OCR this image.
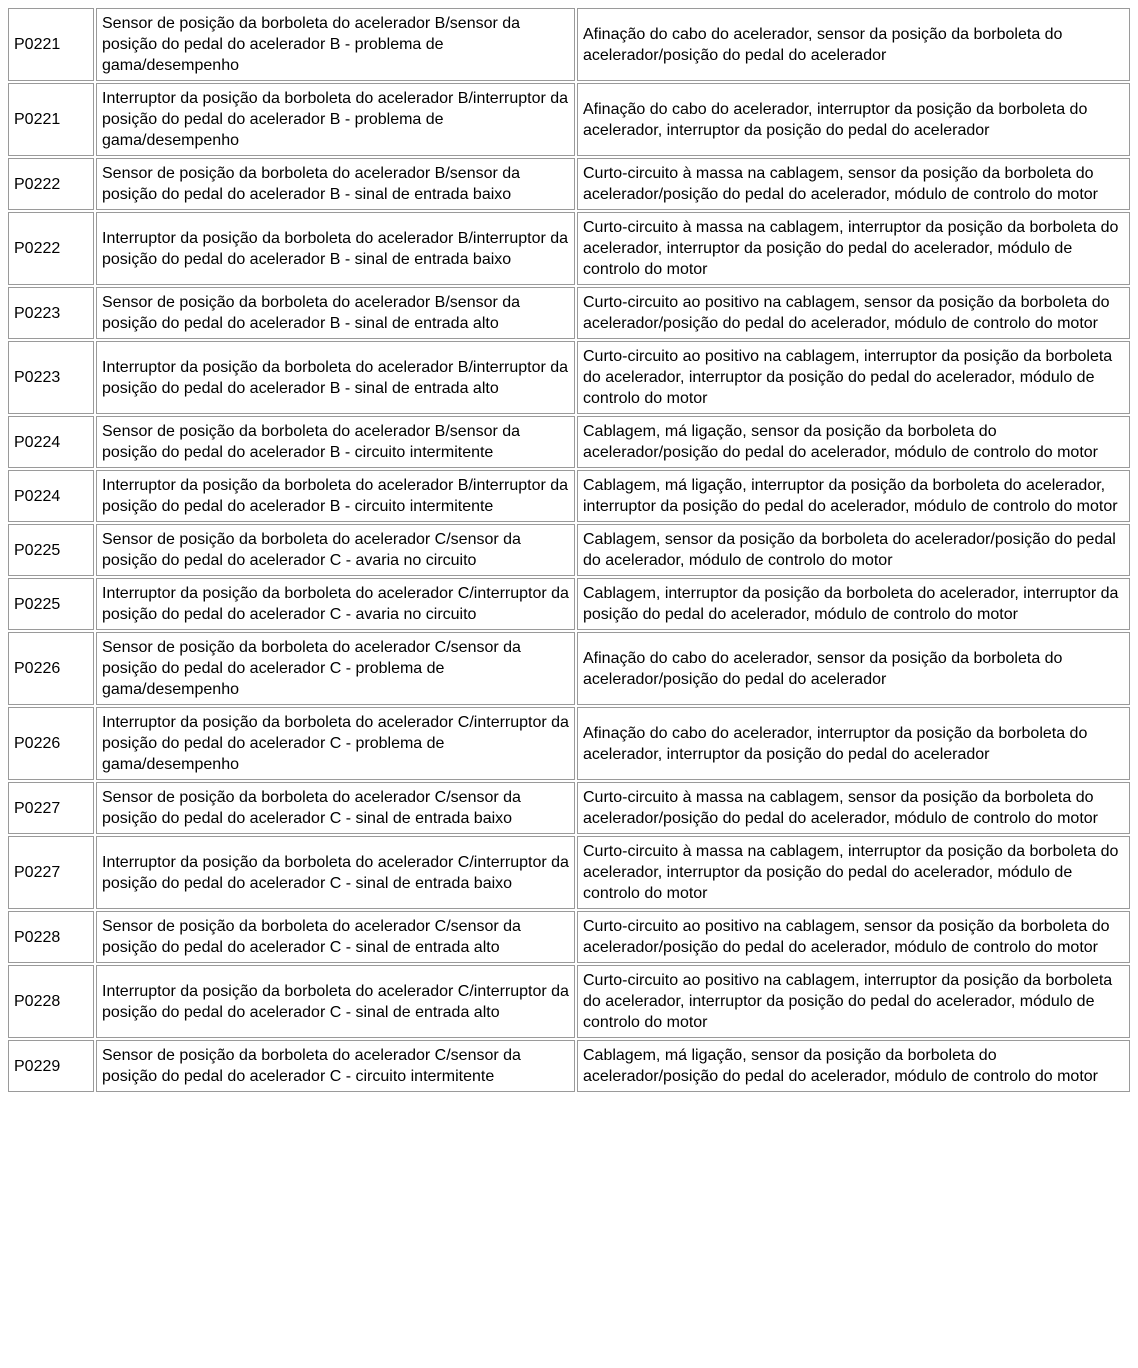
P0221	Sensor de posição da borboleta do acelerador B/sensor da posição do pedal do acelerador B - problema de gama/desempenho	Afinação do cabo do acelerador, sensor da posição da borboleta do acelerador/posição do pedal do acelerador
P0221	Interruptor da posição da borboleta do acelerador B/interruptor da posição do pedal do acelerador B - problema de gama/desempenho	Afinação do cabo do acelerador, interruptor da posição da borboleta do acelerador, interruptor da posição do pedal do acelerador
P0222	Sensor de posição da borboleta do acelerador B/sensor da posição do pedal do acelerador B - sinal de entrada baixo	Curto-circuito à massa na cablagem, sensor da posição da borboleta do acelerador/posição do pedal do acelerador, módulo de controlo do motor
P0222	Interruptor da posição da borboleta do acelerador B/interruptor da posição do pedal do acelerador B - sinal de entrada baixo	Curto-circuito à massa na cablagem, interruptor da posição da borboleta do acelerador, interruptor da posição do pedal do acelerador, módulo de controlo do motor
P0223	Sensor de posição da borboleta do acelerador B/sensor da posição do pedal do acelerador B - sinal de entrada alto	Curto-circuito ao positivo na cablagem, sensor da posição da borboleta do acelerador/posição do pedal do acelerador, módulo de controlo do motor
P0223	Interruptor da posição da borboleta do acelerador B/interruptor da posição do pedal do acelerador B - sinal de entrada alto	Curto-circuito ao positivo na cablagem, interruptor da posição da borboleta do acelerador, interruptor da posição do pedal do acelerador, módulo de controlo do motor
P0224	Sensor de posição da borboleta do acelerador B/sensor da posição do pedal do acelerador B - circuito intermitente	Cablagem, má ligação, sensor da posição da borboleta do acelerador/posição do pedal do acelerador, módulo de controlo do motor
P0224	Interruptor da posição da borboleta do acelerador B/interruptor da posição do pedal do acelerador B - circuito intermitente	Cablagem, má ligação, interruptor da posição da borboleta do acelerador, interruptor da posição do pedal do acelerador, módulo de controlo do motor
P0225	Sensor de posição da borboleta do acelerador C/sensor da posição do pedal do acelerador C - avaria no circuito	Cablagem, sensor da posição da borboleta do acelerador/posição do pedal do acelerador, módulo de controlo do motor
P0225	Interruptor da posição da borboleta do acelerador C/interruptor da posição do pedal do acelerador C - avaria no circuito	Cablagem, interruptor da posição da borboleta do acelerador, interruptor da posição do pedal do acelerador, módulo de controlo do motor
P0226	Sensor de posição da borboleta do acelerador C/sensor da posição do pedal do acelerador C - problema de gama/desempenho	Afinação do cabo do acelerador, sensor da posição da borboleta do acelerador/posição do pedal do acelerador
P0226	Interruptor da posição da borboleta do acelerador C/interruptor da posição do pedal do acelerador C - problema de gama/desempenho	Afinação do cabo do acelerador, interruptor da posição da borboleta do acelerador, interruptor da posição do pedal do acelerador
P0227	Sensor de posição da borboleta do acelerador C/sensor da posição do pedal do acelerador C - sinal de entrada baixo	Curto-circuito à massa na cablagem, sensor da posição da borboleta do acelerador/posição do pedal do acelerador, módulo de controlo do motor
P0227	Interruptor da posição da borboleta do acelerador C/interruptor da posição do pedal do acelerador C - sinal de entrada baixo	Curto-circuito à massa na cablagem, interruptor da posição da borboleta do acelerador, interruptor da posição do pedal do acelerador, módulo de controlo do motor
P0228	Sensor de posição da borboleta do acelerador C/sensor da posição do pedal do acelerador C - sinal de entrada alto	Curto-circuito ao positivo na cablagem, sensor da posição da borboleta do acelerador/posição do pedal do acelerador, módulo de controlo do motor
P0228	Interruptor da posição da borboleta do acelerador C/interruptor da posição do pedal do acelerador C - sinal de entrada alto	Curto-circuito ao positivo na cablagem, interruptor da posição da borboleta do acelerador, interruptor da posição do pedal do acelerador, módulo de controlo do motor
P0229	Sensor de posição da borboleta do acelerador C/sensor da posição do pedal do acelerador C - circuito intermitente	Cablagem, má ligação, sensor da posição da borboleta do acelerador/posição do pedal do acelerador, módulo de controlo do motor
